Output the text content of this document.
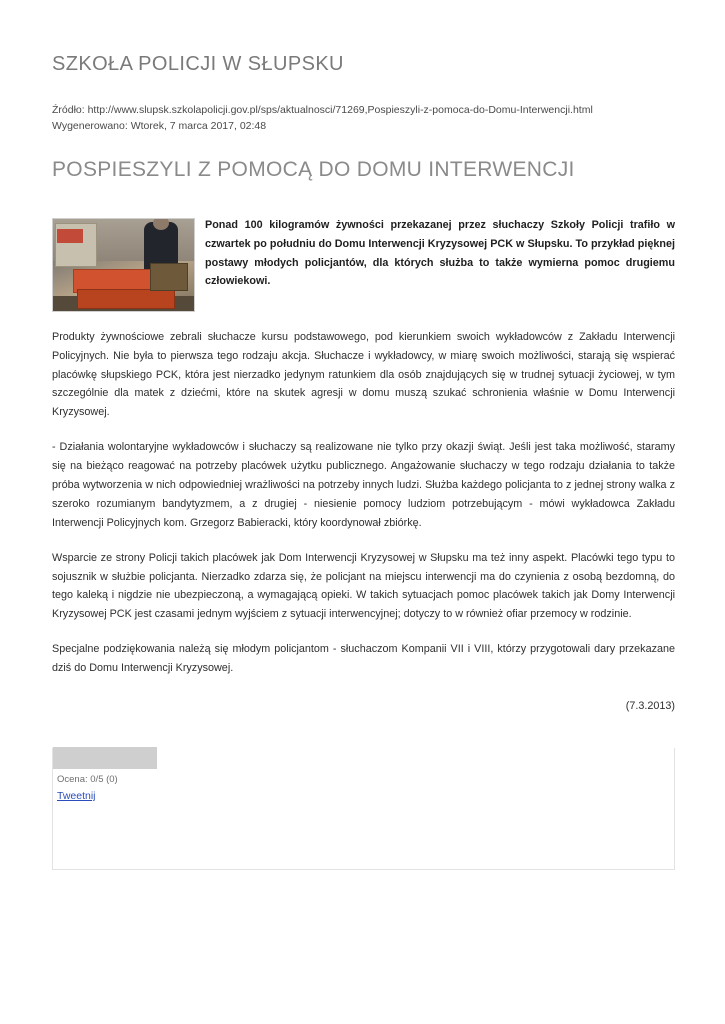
SZKOŁA POLICJI W SŁUPSKU
Źródło: http://www.slupsk.szkolapolicji.gov.pl/sps/aktualnosci/71269,Pospieszyli-z-pomoca-do-Domu-Interwencji.html
Wygenerowano: Wtorek, 7 marca 2017, 02:48
POSPIESZYLI Z POMOCĄ DO DOMU INTERWENCJI
Ponad 100 kilogramów żywności przekazanej przez słuchaczy Szkoły Policji trafiło w czwartek po południu do Domu Interwencji Kryzysowej PCK w Słupsku. To przykład pięknej postawy młodych policjantów, dla których służba to także wymierna pomoc drugiemu człowiekowi.

Produkty żywnościowe zebrali słuchacze kursu podstawowego, pod kierunkiem swoich wykładowców z Zakładu Interwencji Policyjnych. Nie była to pierwsza tego rodzaju akcja. Słuchacze i wykładowcy, w miarę swoich możliwości, starają się wspierać placówkę słupskiego PCK, która jest nierzadko jedynym ratunkiem dla osób znajdujących się w trudnej sytuacji życiowej, w tym szczególnie dla matek z dziećmi, które na skutek agresji w domu muszą szukać schronienia właśnie w Domu Interwencji Kryzysowej.

- Działania wolontaryjne wykładowców i słuchaczy są realizowane nie tylko przy okazji świąt. Jeśli jest taka możliwość, staramy się na bieżąco reagować na potrzeby placówek użytku publicznego. Angażowanie słuchaczy w tego rodzaju działania to także próba wytworzenia w nich odpowiedniej wrażliwości na potrzeby innych ludzi. Służba każdego policjanta to z jednej strony walka z szeroko rozumianym bandytyzmem, a z drugiej - niesienie pomocy ludziom potrzebującym - mówi wykładowca Zakładu Interwencji Policyjnych kom. Grzegorz Babieracki, który koordynował zbiórkę.

Wsparcie ze strony Policji takich placówek jak Dom Interwencji Kryzysowej w Słupsku ma też inny aspekt. Placówki tego typu to sojusznik w służbie policjanta. Nierzadko zdarza się, że policjant na miejscu interwencji ma do czynienia z osobą bezdomną, do tego kaleką i nigdzie nie ubezpieczoną, a wymagającą opieki. W takich sytuacjach pomoc placówek takich jak Domy Interwencji Kryzysowej PCK jest czasami jednym wyjściem z sytuacji interwencyjnej; dotyczy to w również ofiar przemocy w rodzinie.

Specjalne podziękowania należą się młodym policjantom - słuchaczom Kompanii VII i VIII, którzy przygotowali dary przekazane dziś do Domu Interwencji Kryzysowej.

(7.3.2013)
Ocena: 0/5 (0)
Tweetnij
